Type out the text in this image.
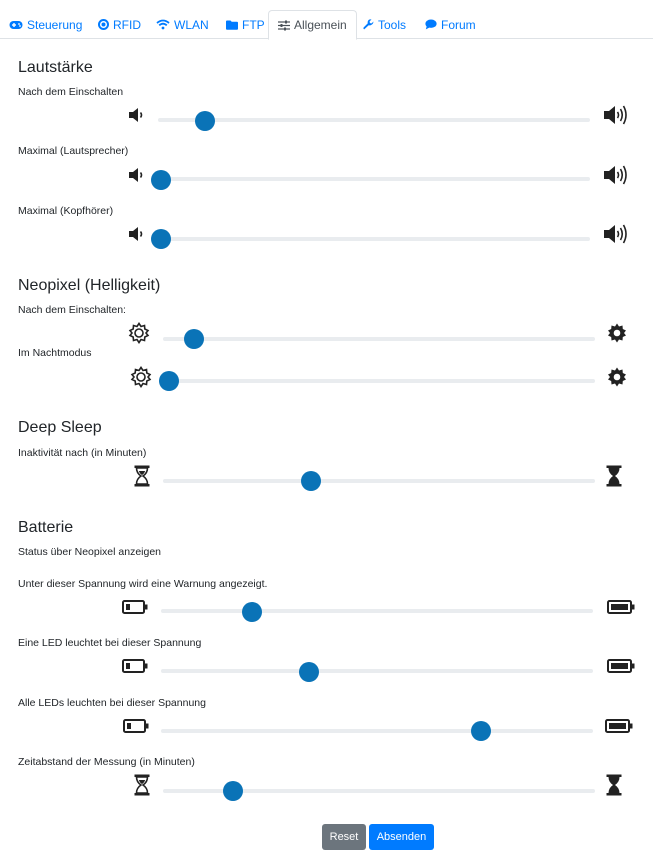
Steuerung	RFID	WLAN	FTP Allgemein	Tools	Forum
Lautstärke
Nach dem Einschalten
Maximal (Lautsprecher)
Maximal (Kopfhörer)
Neopixel (Helligkeit)
Nach dem Einschalten:
Im Nachtmodus
Deep Sleep
Inaktivität nach (in Minuten)
Batterie
Status über Neopixel anzeigen
Unter dieser Spannung wird eine Warnung angezeigt.
Eine LED leuchtet bei dieser Spannung
Alle LEDs leuchten bei dieser Spannung
Zeitabstand der Messung (in Minuten)
Reset	Absenden
